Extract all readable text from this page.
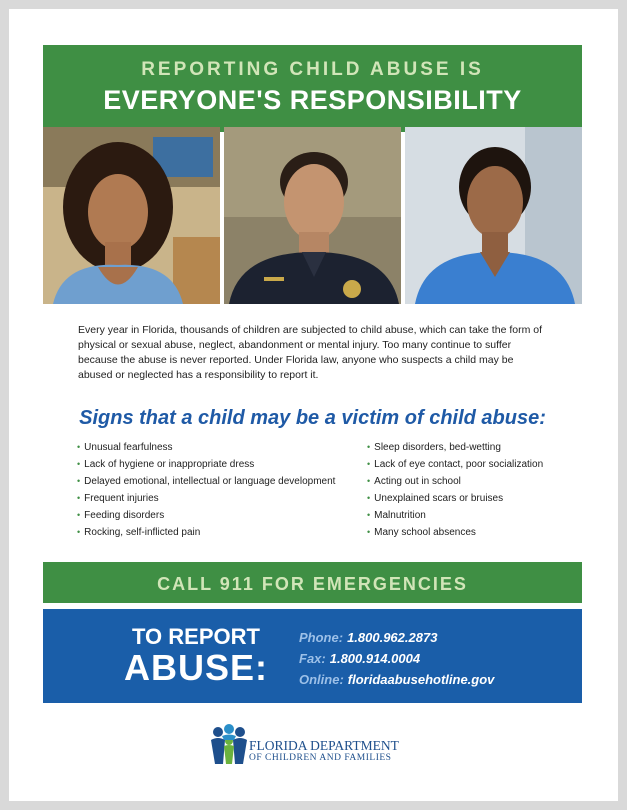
REPORTING CHILD ABUSE IS
EVERYONE'S RESPONSIBILITY

Every year in Florida, thousands of children are subjected to child abuse, which can take the form of physical or sexual abuse, neglect, abandonment or mental injury. Too many continue to suffer because the abuse is never reported. Under Florida law, anyone who suspects a child may be abused or neglected has a responsibility to report it.

Signs that a child may be a victim of child abuse:
• Unusual fearfulness
• Lack of hygiene or inappropriate dress
• Delayed emotional, intellectual or language development
• Frequent injuries
• Feeding disorders
• Rocking, self-inflicted pain
• Sleep disorders, bed-wetting
• Lack of eye contact, poor socialization
• Acting out in school
• Unexplained scars or bruises
• Malnutrition
• Many school absences
CALL 911 FOR EMERGENCIES
TO REPORT
ABUSE:
Phone: 1.800.962.2873
Fax: 1.800.914.0004
Online: floridaabusehotline.gov
FLORIDA DEPARTMENT
OF CHILDREN AND FAMILIES
